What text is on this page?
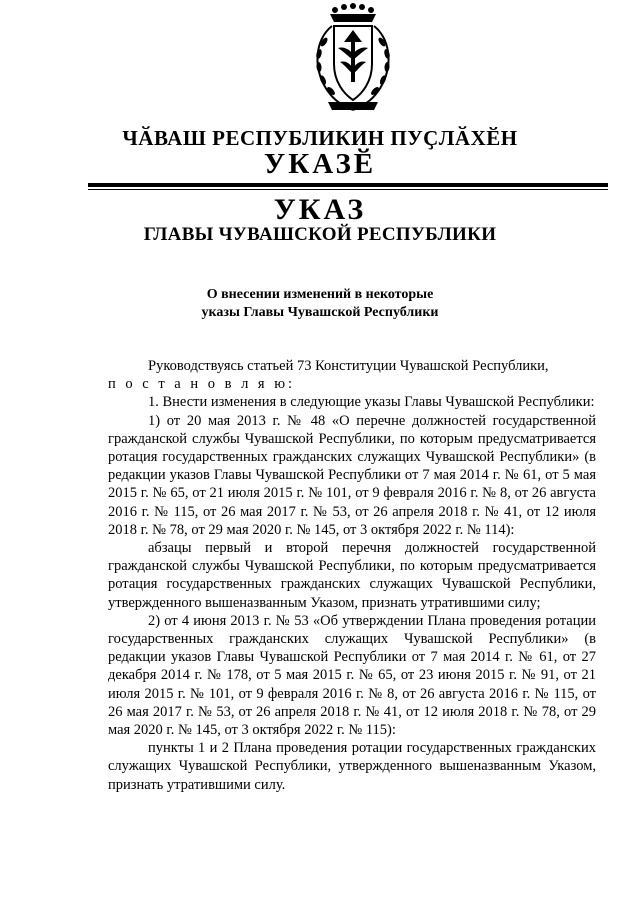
ЧӐВАШ РЕСПУБЛИКИН ПУҪЛӐХӖН
УКАЗӖ
УКАЗ
ГЛАВЫ ЧУВАШСКОЙ РЕСПУБЛИКИ
О внесении изменений в некоторые
указы Главы Чувашской Республики

Руководствуясь статьей 73 Конституции Чувашской Республики,

п о с т а н о в л я ю:

1. Внести изменения в следующие указы Главы Чувашской Республики:

1) от 20 мая 2013 г. № 48 «О перечне должностей государственной гражданской службы Чувашской Республики, по которым предусматривается ротация государственных гражданских служащих Чувашской Республики» (в редакции указов Главы Чувашской Республики от 7 мая 2014 г. № 61, от 5 мая 2015 г. № 65, от 21 июля 2015 г. № 101, от 9 февраля 2016 г. № 8, от 26 августа 2016 г. № 115, от 26 мая 2017 г. № 53, от 26 апреля 2018 г. № 41, от 12 июля 2018 г. № 78, от 29 мая 2020 г. № 145, от 3 октября 2022 г. № 114):

абзацы первый и второй перечня должностей государственной гражданской службы Чувашской Республики, по которым предусматривается ротация государственных гражданских служащих Чувашской Республики, утвержденного вышеназванным Указом, признать утратившими силу;

2) от 4 июня 2013 г. № 53 «Об утверждении Плана проведения ротации государственных гражданских служащих Чувашской Республики» (в редакции указов Главы Чувашской Республики от 7 мая 2014 г. № 61, от 27 декабря 2014 г. № 178, от 5 мая 2015 г. № 65, от 23 июня 2015 г. № 91, от 21 июля 2015 г. № 101, от 9 февраля 2016 г. № 8, от 26 августа 2016 г. № 115, от 26 мая 2017 г. № 53, от 26 апреля 2018 г. № 41, от 12 июля 2018 г. № 78, от 29 мая 2020 г. № 145, от 3 октября 2022 г. № 115):

пункты 1 и 2 Плана проведения ротации государственных гражданских служащих Чувашской Республики, утвержденного вышеназванным Указом, признать утратившими силу.
